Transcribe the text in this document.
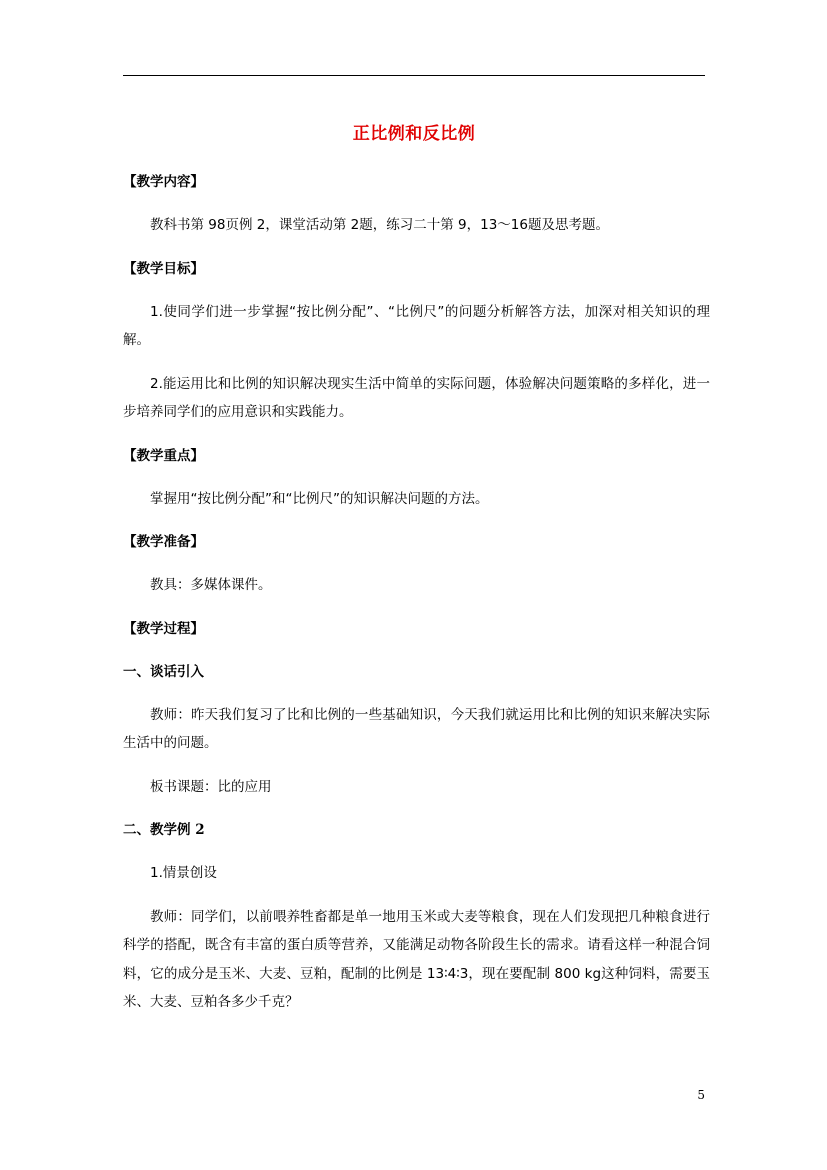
正比例和反比例
【教学内容】
教科书第 98页例 2，课堂活动第 2题，练习二十第 9，13～16题及思考题。
【教学目标】
1.使同学们进一步掌握“按比例分配”、“比例尺”的问题分析解答方法，加深对相关知识的理解。
2.能运用比和比例的知识解决现实生活中简单的实际问题，体验解决问题策略的多样化，进一步培养同学们的应用意识和实践能力。
【教学重点】
掌握用“按比例分配”和“比例尺”的知识解决问题的方法。
【教学准备】
教具：多媒体课件。
【教学过程】
一、谈话引入
教师：昨天我们复习了比和比例的一些基础知识，今天我们就运用比和比例的知识来解决实际生活中的问题。
板书课题：比的应用
二、教学例 2
1.情景创设
教师：同学们，以前喂养牲畜都是单一地用玉米或大麦等粮食，现在人们发现把几种粮食进行科学的搭配，既含有丰富的蛋白质等营养，又能满足动物各阶段生长的需求。请看这样一种混合饲料，它的成分是玉米、大麦、豆粕，配制的比例是 13∶4∶3，现在要配制 800 kg这种饲料，需要玉米、大麦、豆粕各多少千克？
5
